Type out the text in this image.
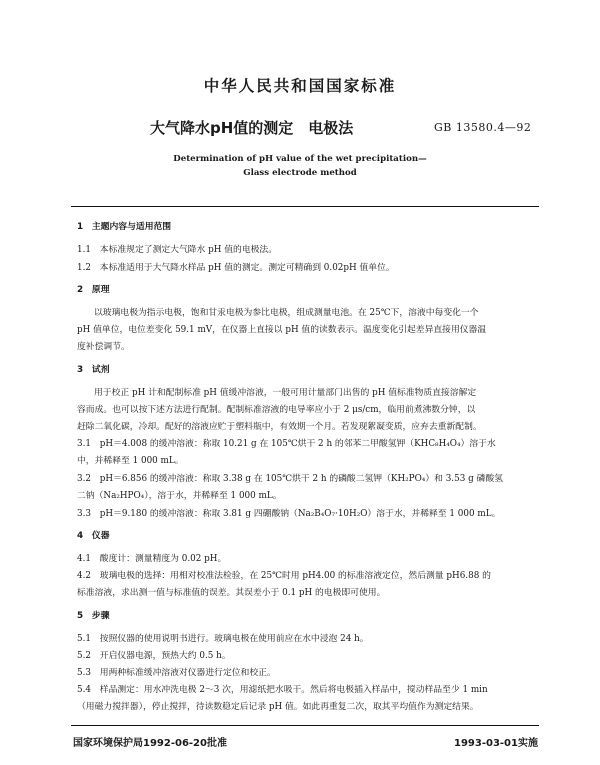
中华人民共和国国家标准
大气降水pH值的测定　电极法	GB 13580.4—92
Determination of pH value of the wet precipitation—
Glass electrode method
1　主题内容与适用范围
1.1　本标准规定了测定大气降水 pH 值的电极法。
1.2　本标准适用于大气降水样品 pH 值的测定。测定可精确到 0.02pH 值单位。
2　原理
以玻璃电极为指示电极，饱和甘汞电极为参比电极，组成测量电池。在 25℃下，溶液中每变化一个
pH 值单位，电位差变化 59.1 mV，在仪器上直接以 pH 值的读数表示。温度变化引起差异直接用仪器温
度补偿调节。
3　试剂
用于校正 pH 计和配制标准 pH 值缓冲溶液，一般可用计量部门出售的 pH 值标准物质直接溶解定
容而成。也可以按下述方法进行配制。配制标准溶液的电导率应小于 2 μs/cm，临用前煮沸数分钟，以
赶除二氧化碳，冷却。配好的溶液应贮于塑料瓶中，有效期一个月。若发现絮凝变质，应弃去重新配制。
3.1　pH＝4.008 的缓冲溶液：称取 10.21 g 在 105℃烘干 2 h 的邻苯二甲酸氢钾（KHC₈H₄O₄）溶于水
中，并稀释至 1 000 mL。
3.2　pH＝6.856 的缓冲溶液：称取 3.38 g 在 105℃烘干 2 h 的磷酸二氢钾（KH₂PO₄）和 3.53 g 磷酸氢
二钠（Na₂HPO₄），溶于水，并稀释至 1 000 mL。
3.3　pH＝9.180 的缓冲溶液：称取 3.81 g 四硼酸钠（Na₂B₄O₇·10H₂O）溶于水，并稀释至 1 000 mL。
4　仪器
4.1　酸度计：测量精度为 0.02 pH。
4.2　玻璃电极的选择：用相对校准法检验，在 25℃时用 pH4.00 的标准溶液定位，然后测量 pH6.88 的
标准溶液，求出测一值与标准值的误差。其误差小于 0.1 pH 的电极即可使用。
5　步骤
5.1　按照仪器的使用说明书进行。玻璃电极在使用前应在水中浸泡 24 h。
5.2　开启仪器电源，预热大约 0.5 h。
5.3　用两种标准缓冲溶液对仪器进行定位和校正。
5.4　样品测定：用水冲洗电极 2～3 次，用滤纸把水吸干。然后将电极插入样品中，搅动样品至少 1 min
（用磁力搅拌器），停止搅拌，待读数稳定后记录 pH 值。如此再重复二次，取其平均值作为测定结果。
国家环境保护局1992-06-20批准	1993-03-01实施
